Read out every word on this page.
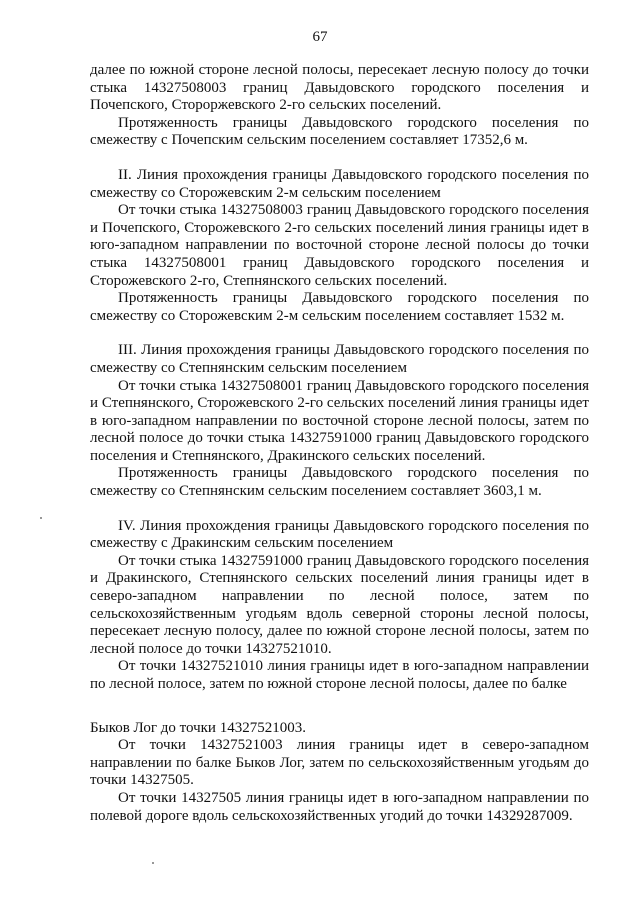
67

далее по южной стороне лесной полосы, пересекает лесную полосу до точки стыка 14327508003 границ Давыдовского городского поселения и Почепского, Стороржевского 2-го сельских поселений.

Протяженность границы Давыдовского городского поселения по смежеству с Почепским сельским поселением составляет 17352,6 м.

II. Линия прохождения границы Давыдовского городского поселения по смежеству со Сторожевским 2-м сельским поселением

От точки стыка 14327508003 границ Давыдовского городского поселения и Почепского, Сторожевского 2-го сельских поселений линия границы идет в юго-западном направлении по восточной стороне лесной полосы до точки стыка 14327508001 границ Давыдовского городского поселения и Сторожевского 2-го, Степнянского сельских поселений.

Протяженность границы Давыдовского городского поселения по смежеству со Сторожевским 2-м сельским поселением составляет 1532 м.

III. Линия прохождения границы Давыдовского городского поселения по смежеству со Степнянским сельским поселением

От точки стыка 14327508001 границ Давыдовского городского поселения и Степнянского, Сторожевского 2-го сельских поселений линия границы идет в юго-западном направлении по восточной стороне лесной полосы, затем по лесной полосе до точки стыка 14327591000 границ Давыдовского городского поселения и Степнянского, Дракинского сельских поселений.

Протяженность границы Давыдовского городского поселения по смежеству со Степнянским сельским поселением составляет 3603,1 м.

IV. Линия прохождения границы Давыдовского городского поселения по смежеству с Дракинским сельским поселением

От точки стыка 14327591000 границ Давыдовского городского поселения и Дракинского, Степнянского сельских поселений линия границы идет в северо-западном направлении по лесной полосе, затем по сельскохозяйственным угодьям вдоль северной стороны лесной полосы, пересекает лесную полосу, далее по южной стороне лесной полосы, затем по лесной полосе до точки 14327521010.

От точки 14327521010 линия границы идет в юго-западном направлении по лесной полосе, затем по южной стороне лесной полосы, далее по балке

Быков Лог до точки 14327521003.

От точки 14327521003 линия границы идет в северо-западном направлении по балке Быков Лог, затем по сельскохозяйственным угодьям до точки 14327505.

От точки 14327505 линия границы идет в юго-западном направлении по полевой дороге вдоль сельскохозяйственных угодий до точки 14329287009.
